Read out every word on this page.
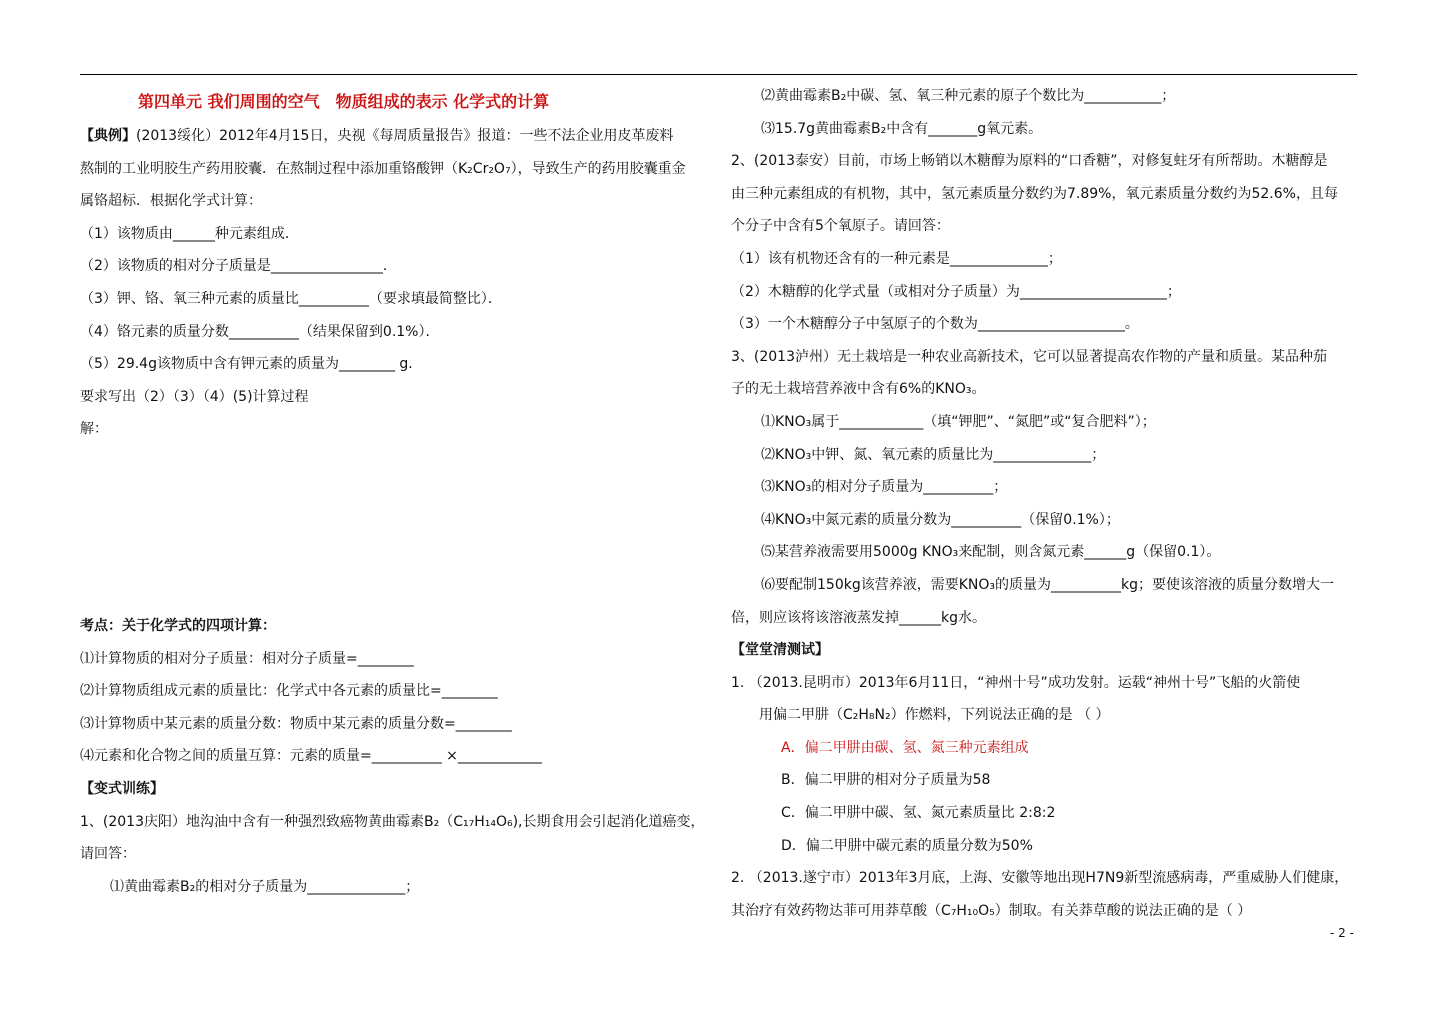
第四单元 我们周围的空气　物质组成的表示 化学式的计算
【典例】(2013绥化）2012年4月15日，央视《每周质量报告》报道：一些不法企业用皮革废料
熬制的工业明胶生产药用胶囊．在熬制过程中添加重铬酸钾（K₂Cr₂O₇），导致生产的药用胶囊重金
属铬超标．根据化学式计算：
（1）该物质由______种元素组成．
（2）该物质的相对分子质量是________________．
（3）钾、铬、氧三种元素的质量比__________（要求填最简整比）．
（4）铬元素的质量分数__________（结果保留到0.1%）．
（5）29.4g该物质中含有钾元素的质量为________ g．
要求写出（2）（3）（4）(5)计算过程
解：
考点：关于化学式的四项计算：
⑴计算物质的相对分子质量：相对分子质量=________
⑵计算物质组成元素的质量比：化学式中各元素的质量比=________
⑶计算物质中某元素的质量分数：物质中某元素的质量分数=________
⑷元素和化合物之间的质量互算：元素的质量=__________ ×____________
【变式训练】
1、(2013庆阳）地沟油中含有一种强烈致癌物黄曲霉素B₂（C₁₇H₁₄O₆),长期食用会引起消化道癌变，
请回答：
⑴黄曲霉素B₂的相对分子质量为______________；
⑵黄曲霉素B₂中碳、氢、氧三种元素的原子个数比为___________；
⑶15.7g黄曲霉素B₂中含有_______g氧元素。
2、(2013泰安）目前，市场上畅销以木糖醇为原料的“口香糖”，对修复蛀牙有所帮助。木糖醇是
由三种元素组成的有机物，其中，氢元素质量分数约为7.89%，氧元素质量分数约为52.6%，且每
个分子中含有5个氧原子。请回答：
（1）该有机物还含有的一种元素是______________；
（2）木糖醇的化学式量（或相对分子质量）为_____________________；
（3）一个木糖醇分子中氢原子的个数为_____________________。
3、(2013泸州）无土栽培是一种农业高新技术，它可以显著提高农作物的产量和质量。某品种茄
子的无土栽培营养液中含有6%的KNO₃。
⑴KNO₃属于____________（填“钾肥”、“氮肥”或“复合肥料”）；
⑵KNO₃中钾、氮、氧元素的质量比为______________；
⑶KNO₃的相对分子质量为__________；
⑷KNO₃中氮元素的质量分数为__________（保留0.1%）；
⑸某营养液需要用5000g KNO₃来配制，则含氮元素______g（保留0.1）。
⑹要配制150kg该营养液，需要KNO₃的质量为__________kg；要使该溶液的质量分数增大一
倍，则应该将该溶液蒸发掉______kg水。
【堂堂清测试】
1. （2013.昆明市）2013年6月11日，“神州十号”成功发射。运载“神州十号”飞船的火箭使
用偏二甲肼（C₂H₈N₂）作燃料，下列说法正确的是 （ ）
A．偏二甲肼由碳、氢、氮三种元素组成
B．偏二甲肼的相对分子质量为58
C．偏二甲肼中碳、氢、氮元素质量比 2:8:2
D．偏二甲肼中碳元素的质量分数为50%
2. （2013.遂宁市）2013年3月底，上海、安徽等地出现H7N9新型流感病毒，严重威胁人们健康，
其治疗有效药物达菲可用莽草酸（C₇H₁₀O₅）制取。有关莽草酸的说法正确的是（ ）
- 2 -
